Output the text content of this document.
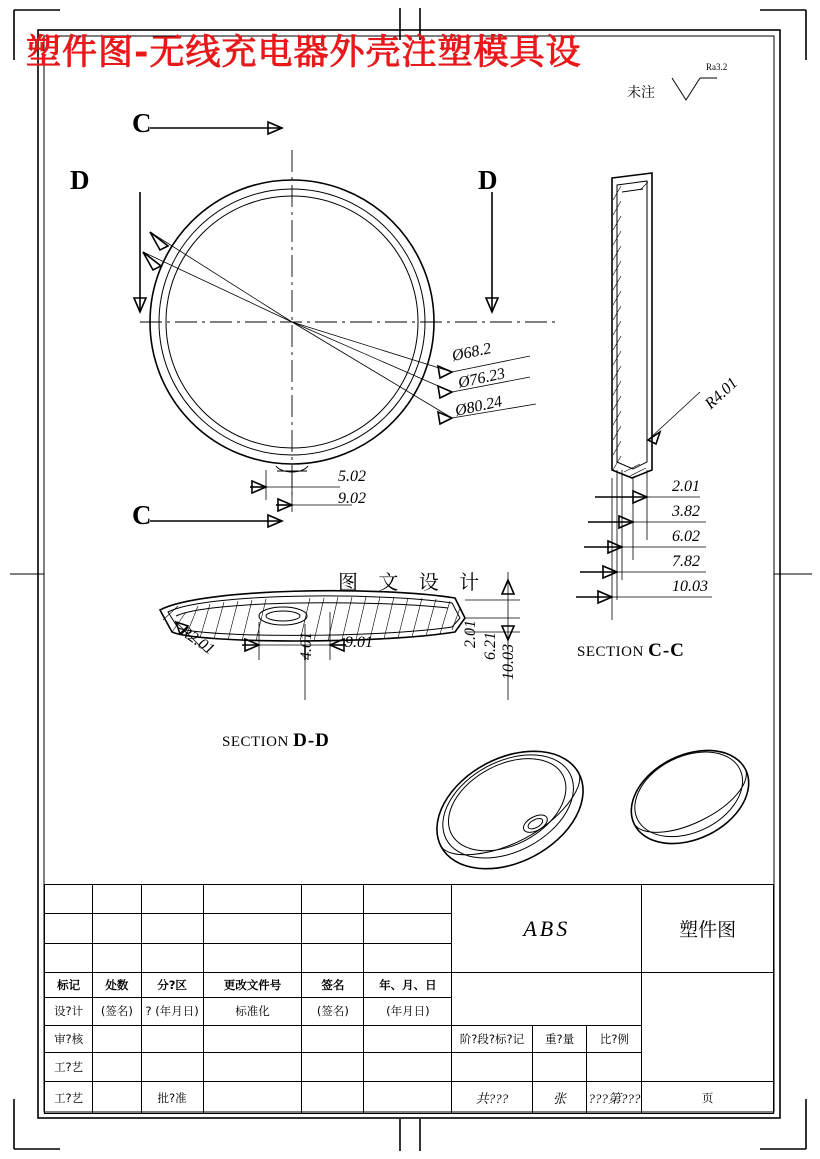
塑件图-无线充电器外壳注塑模具设
未注
Ra3.2
C
C
D	D
Ø68.2
Ø76.23
Ø80.24
5.02
9.02
R4.01
2.01
3.82
6.02
7.82
10.03
SECTION C-C
R2.01	9.01
4.01	2.01 6.21 10.03
图 文 设 计
SECTION D-D
						ABS			塑件图

标记	处数	分?区	更改文件号	签名	年、月、日				
设?计	(签名)	? (年月日)	标准化	(签名)	(年月日)				
审?核						阶?段?标?记	重?量	比?例	
工?艺									
工?艺		批?准				共???	张	???第???	页
